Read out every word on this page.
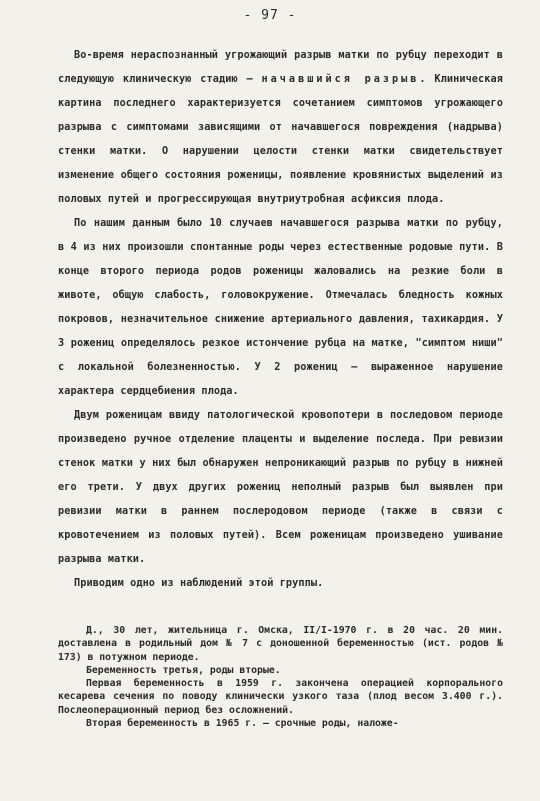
- 97 -

Во-время нераспознанный угрожающий разрыв матки по рубцу переходит в следующую клиническую стадию – начавшийся разрыв. Клиническая картина последнего характеризуется сочетанием симптомов угрожающего разрыва с симптомами зависящими от начавшегося повреждения (надрыва) стенки матки. О нарушении целости стенки матки свидетельствует изменение общего состояния роженицы, появление кровянистых выделений из половых путей и прогрессирующая внутриутробная асфиксия плода.

По нашим данным было 10 случаев начавшегося разрыва матки по рубцу, в 4 из них произошли спонтанные роды через естественные родовые пути. В конце второго периода родов роженицы жаловались на резкие боли в животе, общую слабость, головокружение. Отмечалась бледность кожных покровов, незначительное снижение артериального давления, тахикардия. У 3 рожениц определялось резкое истончение рубца на матке, "симптом ниши" с локальной болезненностью. У 2 рожениц – выраженное нарушение характера сердцебиения плода.

Двум роженицам ввиду патологической кровопотери в последовом периоде произведено ручное отделение плаценты и выделение последа. При ревизии стенок матки у них был обнаружен непроникающий разрыв по рубцу в нижней его трети. У двух других рожениц неполный разрыв был выявлен при ревизии матки в раннем послеродовом периоде (также в связи с кровотечением из половых путей). Всем роженицам произведено ушивание разрыва матки.

Приводим одно из наблюдений этой группы.

Д., 30 лет, жительница г. Омска, II/I-1970 г. в 20 час. 20 мин. доставлена в родильный дом № 7 с доношенной беременностью (ист. родов № 173) в потужном периоде.

Беременность третья, роды вторые.

Первая беременность в 1959 г. закончена операцией корпорального кесарева сечения по поводу клинически узкого таза (плод весом 3.400 г.). Послеоперационный период без осложнений.

Вторая беременность в 1965 г. – срочные роды, наложе-
